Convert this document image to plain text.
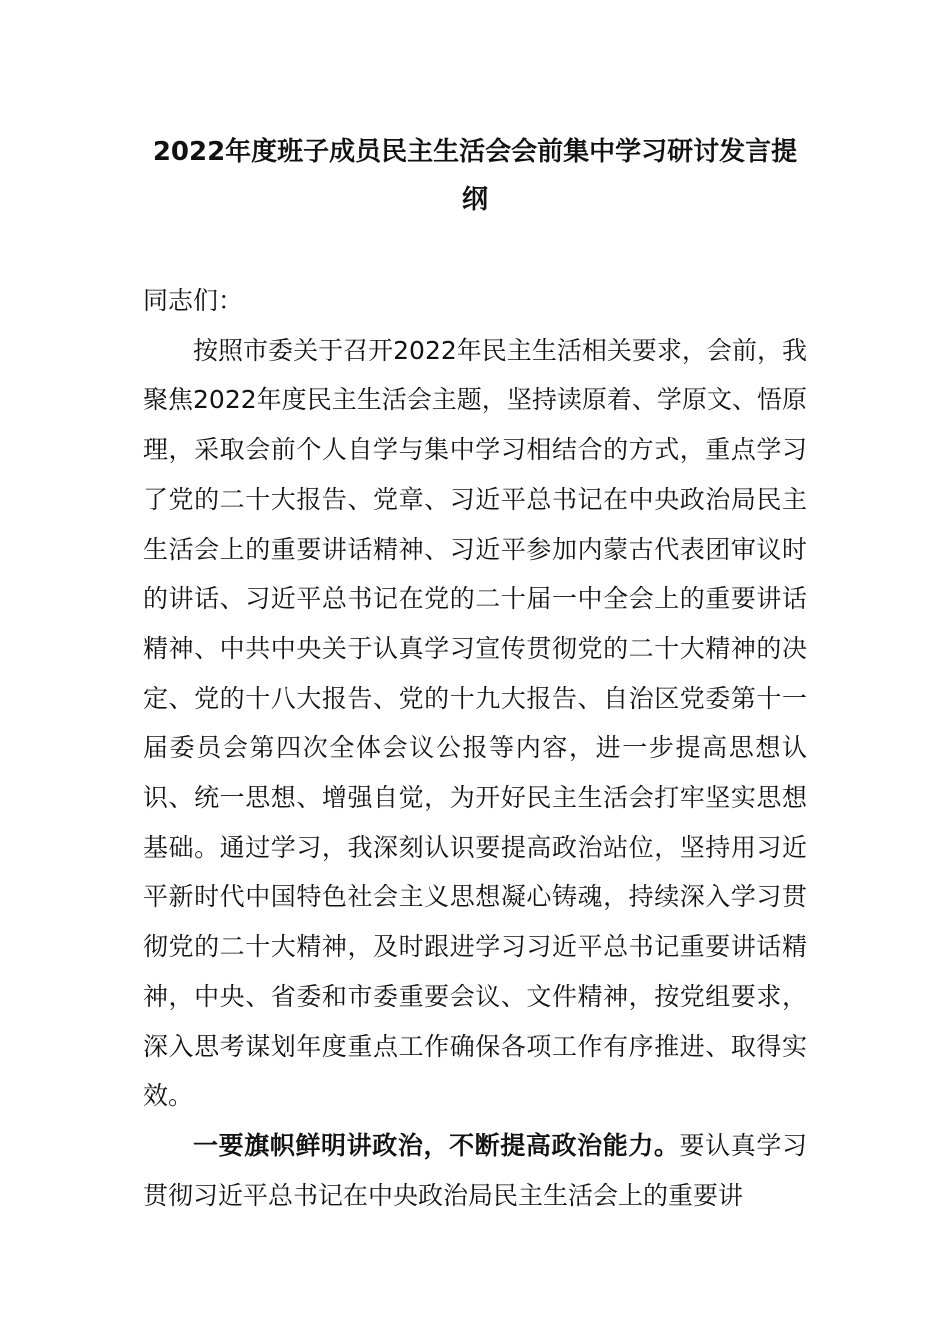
2022年度班子成员民主生活会会前集中学习研讨发言提纲

同志们：

按照市委关于召开2022年民主生活相关要求，会前，我聚焦2022年度民主生活会主题，坚持读原着、学原文、悟原理，采取会前个人自学与集中学习相结合的方式，重点学习了党的二十大报告、党章、习近平总书记在中央政治局民主生活会上的重要讲话精神、习近平参加内蒙古代表团审议时的讲话、习近平总书记在党的二十届一中全会上的重要讲话精神、中共中央关于认真学习宣传贯彻党的二十大精神的决定、党的十八大报告、党的十九大报告、自治区党委第十一届委员会第四次全体会议公报等内容，进一步提高思想认识、统一思想、增强自觉，为开好民主生活会打牢坚实思想基础。通过学习，我深刻认识要提高政治站位，坚持用习近平新时代中国特色社会主义思想凝心铸魂，持续深入学习贯彻党的二十大精神，及时跟进学习习近平总书记重要讲话精神，中央、省委和市委重要会议、文件精神，按党组要求，深入思考谋划年度重点工作确保各项工作有序推进、取得实效。

一要旗帜鲜明讲政治，不断提高政治能力。要认真学习贯彻习近平总书记在中央政治局民主生活会上的重要讲
